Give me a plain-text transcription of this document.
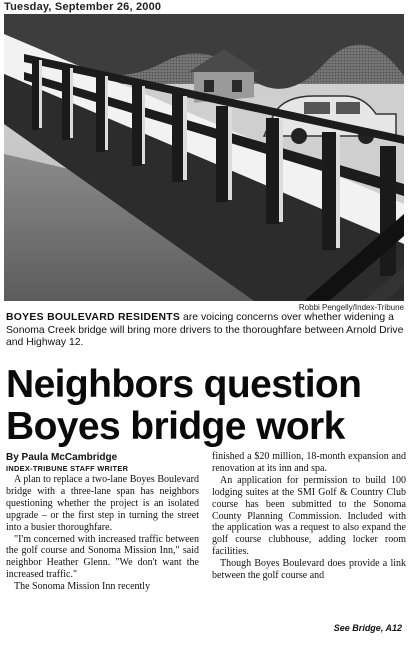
Tuesday, September 26, 2000
Robbi Pengelly/Index-Tribune
BOYES BOULEVARD RESIDENTS are voicing concerns over whether widening a Sonoma Creek bridge will bring more drivers to the thoroughfare between Arnold Drive and Highway 12.
Neighbors question
Boyes bridge work
By Paula McCambridge
INDEX-TRIBUNE STAFF WRITER

A plan to replace a two-lane Boyes Boulevard bridge with a three-lane span has neighbors questioning whether the project is an isolated upgrade – or the first step in turning the street into a busier thoroughfare.

"I'm concerned with increased traffic between the golf course and Sonoma Mission Inn," said neighbor Heather Glenn. "We don't want the increased traffic."

The Sonoma Mission Inn recently

finished a $20 million, 18-month expansion and renovation at its inn and spa.

An application for permission to build 100 lodging suites at the SMI Golf & Country Club course has been submitted to the Sonoma County Planning Commission. Included with the application was a request to also expand the golf course clubhouse, adding locker room facilities.

Though Boyes Boulevard does provide a link between the golf course and

See Bridge, A12
